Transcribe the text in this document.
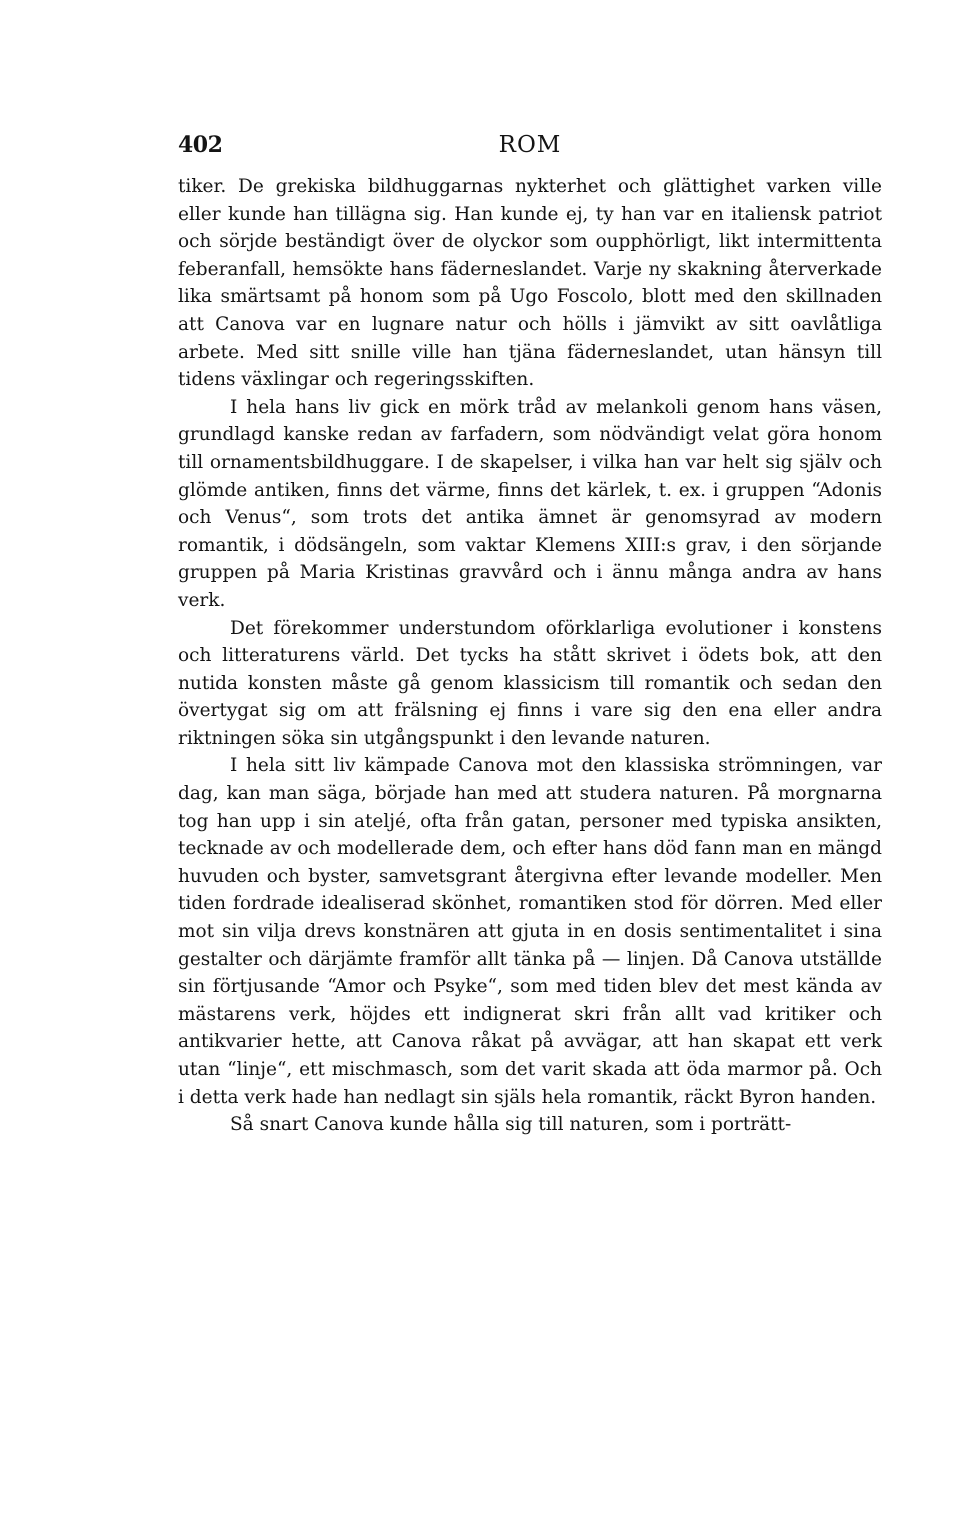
402	ROM

tiker. De grekiska bildhuggarnas nykterhet och glättighet varken ville eller kunde han tillägna sig. Han kunde ej, ty han var en italiensk patriot och sörjde beständigt över de olyckor som oupphörligt, likt intermittenta feberanfall, hemsökte hans fäderneslandet. Varje ny skakning återverkade lika smärtsamt på honom som på Ugo Foscolo, blott med den skillnaden att Canova var en lugnare natur och hölls i jämvikt av sitt oavlåtliga arbete. Med sitt snille ville han tjäna fäderneslandet, utan hänsyn till tidens växlingar och regeringsskiften.

I hela hans liv gick en mörk tråd av melankoli genom hans väsen, grundlagd kanske redan av farfadern, som nödvändigt velat göra honom till ornamentsbildhuggare. I de skapelser, i vilka han var helt sig själv och glömde antiken, finns det värme, finns det kärlek, t. ex. i gruppen “Adonis och Venus“, som trots det antika ämnet är genomsyrad av modern romantik, i dödsängeln, som vaktar Klemens XIII:s grav, i den sörjande gruppen på Maria Kristinas gravvård och i ännu många andra av hans verk.

Det förekommer understundom oförklarliga evolutioner i konstens och litteraturens värld. Det tycks ha stått skrivet i ödets bok, att den nutida konsten måste gå genom klassicism till romantik och sedan den övertygat sig om att frälsning ej finns i vare sig den ena eller andra riktningen söka sin utgångspunkt i den levande naturen.

I hela sitt liv kämpade Canova mot den klassiska strömningen, var dag, kan man säga, började han med att studera naturen. På morgnarna tog han upp i sin ateljé, ofta från gatan, personer med typiska ansikten, tecknade av och modellerade dem, och efter hans död fann man en mängd huvuden och byster, samvetsgrant återgivna efter levande modeller. Men tiden fordrade idealiserad skönhet, romantiken stod för dörren. Med eller mot sin vilja drevs konstnären att gjuta in en dosis sentimentalitet i sina gestalter och därjämte framför allt tänka på — linjen. Då Canova utställde sin förtjusande “Amor och Psyke“, som med tiden blev det mest kända av mästarens verk, höjdes ett indignerat skri från allt vad kritiker och antikvarier hette, att Canova råkat på avvägar, att han skapat ett verk utan “linje“, ett mischmasch, som det varit skada att öda marmor på. Och i detta verk hade han nedlagt sin själs hela romantik, räckt Byron handen.

Så snart Canova kunde hålla sig till naturen, som i porträtt-
